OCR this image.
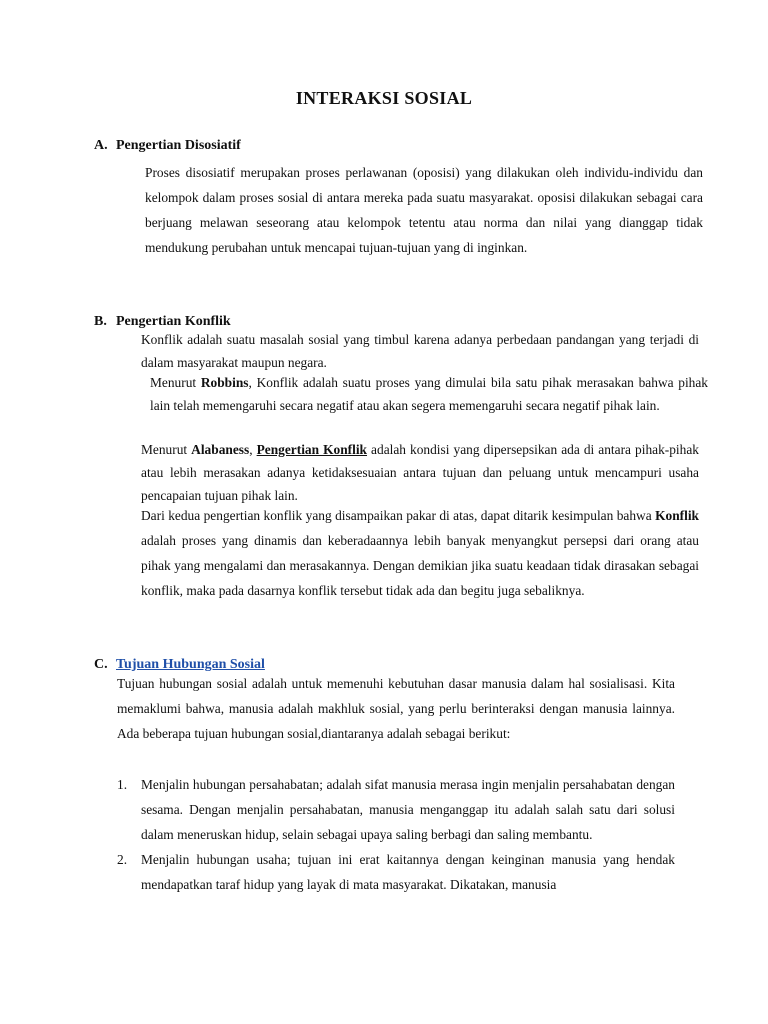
INTERAKSI SOSIAL
A. Pengertian Disosiatif

Proses disosiatif merupakan proses perlawanan (oposisi) yang dilakukan oleh individu-individu dan kelompok dalam proses sosial di antara mereka pada suatu masyarakat. oposisi dilakukan sebagai cara berjuang melawan seseorang atau kelompok tetentu atau norma dan nilai yang dianggap tidak mendukung perubahan untuk mencapai tujuan-tujuan yang di inginkan.

B. Pengertian Konflik

Konflik adalah suatu masalah sosial yang timbul karena adanya perbedaan pandangan yang terjadi di dalam masyarakat maupun negara.

Menurut Robbins, Konflik adalah suatu proses yang dimulai bila satu pihak merasakan bahwa pihak lain telah memengaruhi secara negatif atau akan segera memengaruhi secara negatif pihak lain.

Menurut Alabaness, Pengertian Konflik adalah kondisi yang dipersepsikan ada di antara pihak-pihak atau lebih merasakan adanya ketidaksesuaian antara tujuan dan peluang untuk mencampuri usaha pencapaian tujuan pihak lain.

Dari kedua pengertian konflik yang disampaikan pakar di atas, dapat ditarik kesimpulan bahwa Konflik adalah proses yang dinamis dan keberadaannya lebih banyak menyangkut persepsi dari orang atau pihak yang mengalami dan merasakannya. Dengan demikian jika suatu keadaan tidak dirasakan sebagai konflik, maka pada dasarnya konflik tersebut tidak ada dan begitu juga sebaliknya.

C. Tujuan Hubungan Sosial

Tujuan hubungan sosial adalah untuk memenuhi kebutuhan dasar manusia dalam hal sosialisasi. Kita memaklumi bahwa, manusia adalah makhluk sosial, yang perlu berinteraksi dengan manusia lainnya. Ada beberapa tujuan hubungan sosial,diantaranya adalah sebagai berikut:

1. Menjalin hubungan persahabatan; adalah sifat manusia merasa ingin menjalin persahabatan dengan sesama. Dengan menjalin persahabatan, manusia menganggap itu adalah salah satu dari solusi dalam meneruskan hidup, selain sebagai upaya saling berbagi dan saling membantu.
2. Menjalin hubungan usaha; tujuan ini erat kaitannya dengan keinginan manusia yang hendak mendapatkan taraf hidup yang layak di mata masyarakat. Dikatakan, manusia
